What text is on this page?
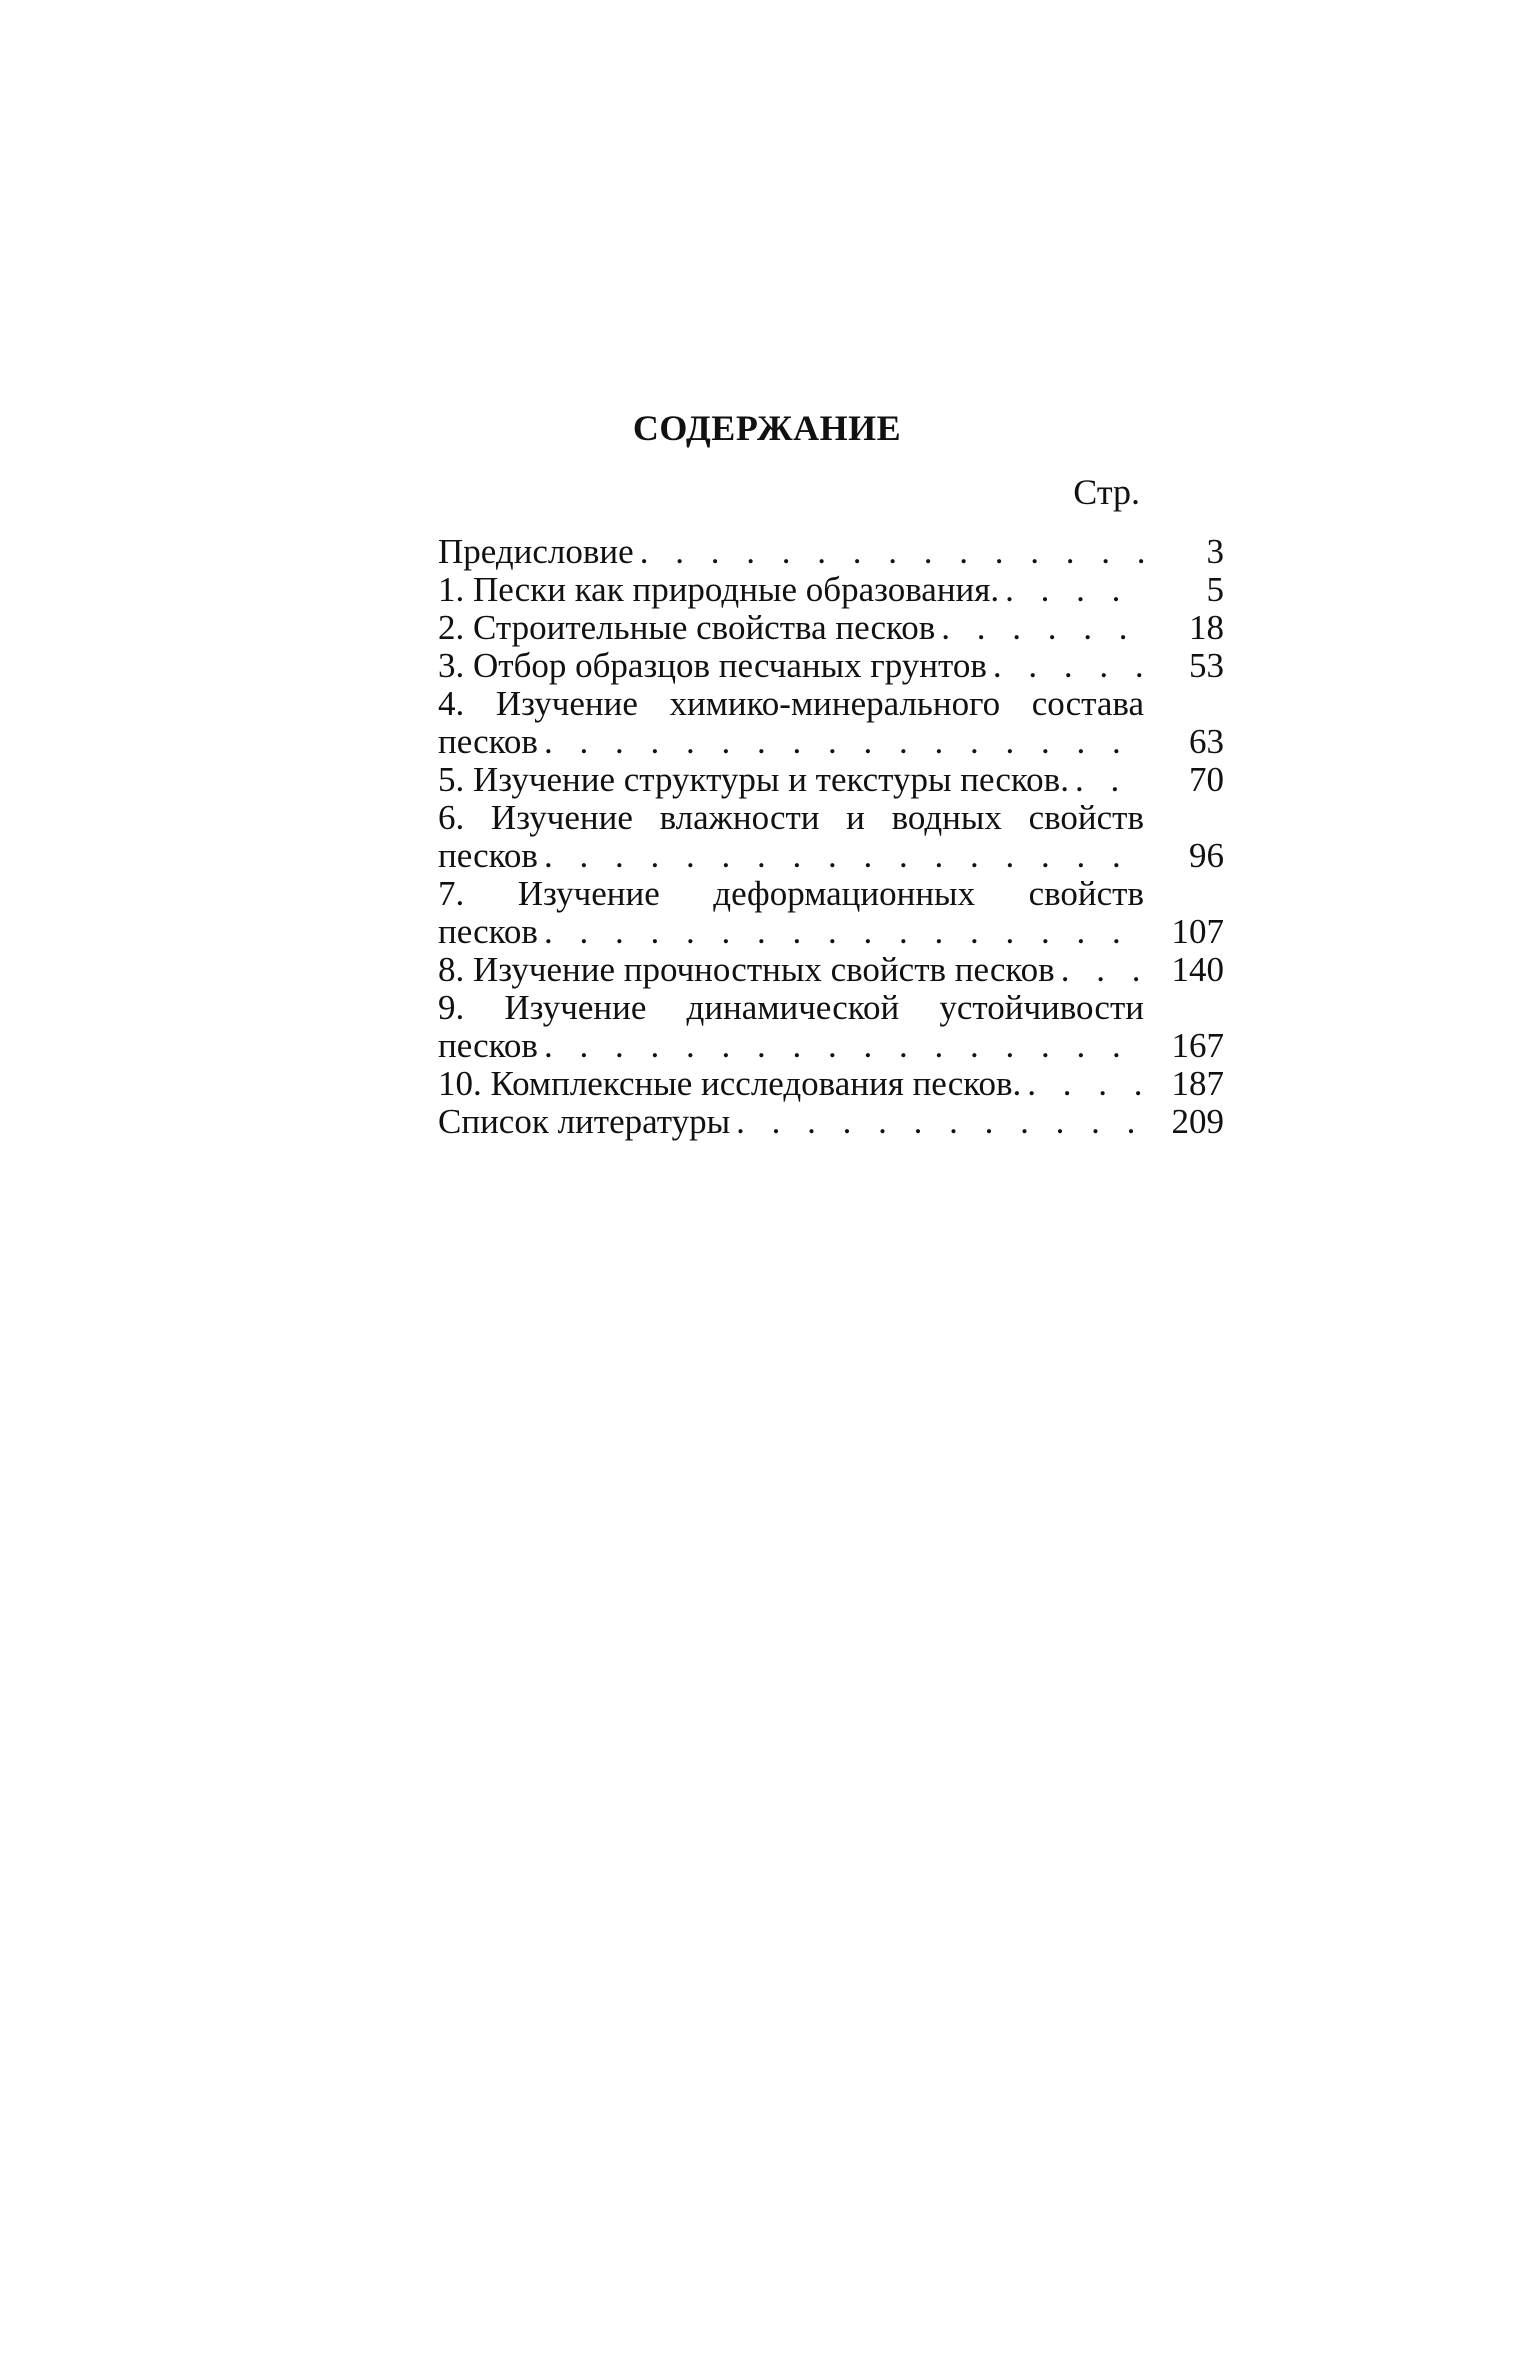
СОДЕРЖАНИЕ
Стр.
Предисловие . . .	3
1. Пески как природные образования. . . .	5
2. Строительные свойства песков . . .	18
3. Отбор образцов песчаных грунтов . . .	53
4. Изучение химико-минерального состава
песков . . .	63
5. Изучение структуры и текстуры песков. . . .	70
6. Изучение влажности и водных свойств
песков . . .	96
7. Изучение деформационных свойств
песков . . .	107
8. Изучение прочностных свойств песков . . .	140
9. Изучение динамической устойчивости
песков . . .	167
10. Комплексные исследования песков. . . .	187
Список литературы . . .	209
